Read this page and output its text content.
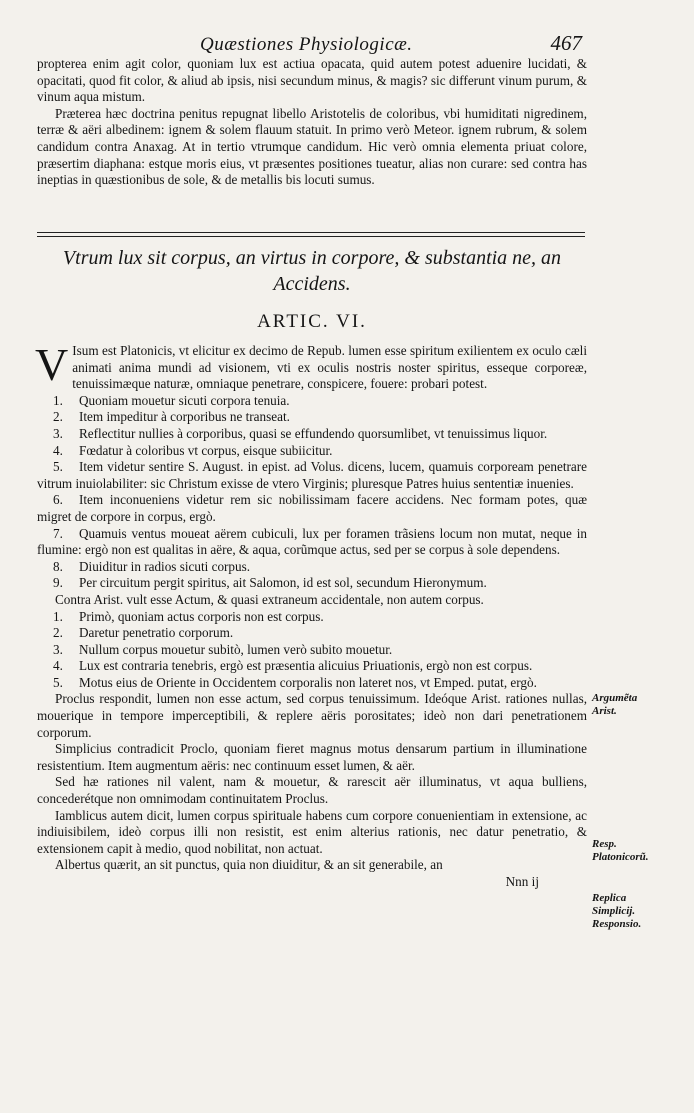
Quæstiones Physiologicæ.	467

propterea enim agit color, quoniam lux est actiua opacata, quid autem potest aduenire lucidati, & opacitati, quod fit color, & aliud ab ipsis, nisi secundum minus, & magis? sic differunt vinum purum, & vinum aqua mistum.

Præterea hæc doctrina penitus repugnat libello Aristotelis de coloribus, vbi humiditati nigredinem, terræ & aëri albedinem: ignem & solem flauum statuit. In primo verò Meteor. ignem rubrum, & solem candidum contra Anaxag. At in tertio vtrumque candidum. Hic verò omnia elementa priuat colore, præsertim diaphana: estque moris eius, vt præsentes positiones tueatur, alias non curare: sed contra has ineptias in quæstionibus de sole, & de metallis bis locuti sumus.

Vtrum lux sit corpus, an virtus in corpore, & substantia ne, an Accidens.
ARTIC. VI.

V Isum est Platonicis, vt elicitur ex decimo de Repub. lumen esse spiritum exilientem ex oculo cæli animati anima mundi ad visionem, vti ex oculis nostris noster spiritus, esseque corporeæ, tenuissimæque naturæ, omniaque penetrare, conspicere, fouere: probari potest.

1. Quoniam mouetur sicuti corpora tenuia.

2. Item impeditur à corporibus ne transeat.

3. Reflectitur nullies à corporibus, quasi se effundendo quorsumlibet, vt tenuissimus liquor.

4. Fœdatur à coloribus vt corpus, eisque subiicitur.

5. Item videtur sentire S. August. in epist. ad Volus. dicens, lucem, quamuis corpoream penetrare vitrum inuiolabiliter: sic Christum exisse de vtero Virginis; pluresque Patres huius sententiæ inuenies.

6. Item inconueniens videtur rem sic nobilissimam facere accidens. Nec formam potes, quæ migret de corpore in corpus, ergò.

7. Quamuis ventus moueat aërem cubiculi, lux per foramen trãsiens locum non mutat, neque in flumine: ergò non est qualitas in aëre, & aqua, corũmque actus, sed per se corpus à sole dependens.

8. Diuiditur in radios sicuti corpus.

9. Per circuitum pergit spiritus, ait Salomon, id est sol, secundum Hieronymum.

Contra Arist. vult esse Actum, & quasi extraneum accidentale, non autem corpus.

1. Primò, quoniam actus corporis non est corpus.

2. Daretur penetratio corporum.

3. Nullum corpus mouetur subitò, lumen verò subito mouetur.

4. Lux est contraria tenebris, ergò est præsentia alicuius Priuationis, ergò non est corpus.

5. Motus eius de Oriente in Occidentem corporalis non lateret nos, vt Emped. putat, ergò.

Proclus respondit, lumen non esse actum, sed corpus tenuissimum. Ideóque Arist. rationes nullas, mouerique in tempore imperceptibili, & replere aëris porositates; ideò non dari penetrationem corporum.

Simplicius contradicit Proclo, quoniam fieret magnus motus densarum partium in illuminatione resistentium. Item augmentum aëris: nec continuum esset lumen, & aër.

Sed hæ rationes nil valent, nam & mouetur, & rarescit aër illuminatus, vt aqua bulliens, concederétque non omnimodam continuitatem Proclus.

Iamblicus autem dicit, lumen corpus spirituale habens cum corpore conuenientiam in extensione, ac indiuisibilem, ideò corpus illi non resistit, est enim alterius rationis, nec datur penetratio, & extensionem capit à medio, quod nobilitat, non actuat.

Albertus quærit, an sit punctus, quia non diuiditur, & an sit generabile, an

Nnn ij

Argumẽta Arist.
Resp. Platonicorũ.
Replica Simplicij. Responsio.
